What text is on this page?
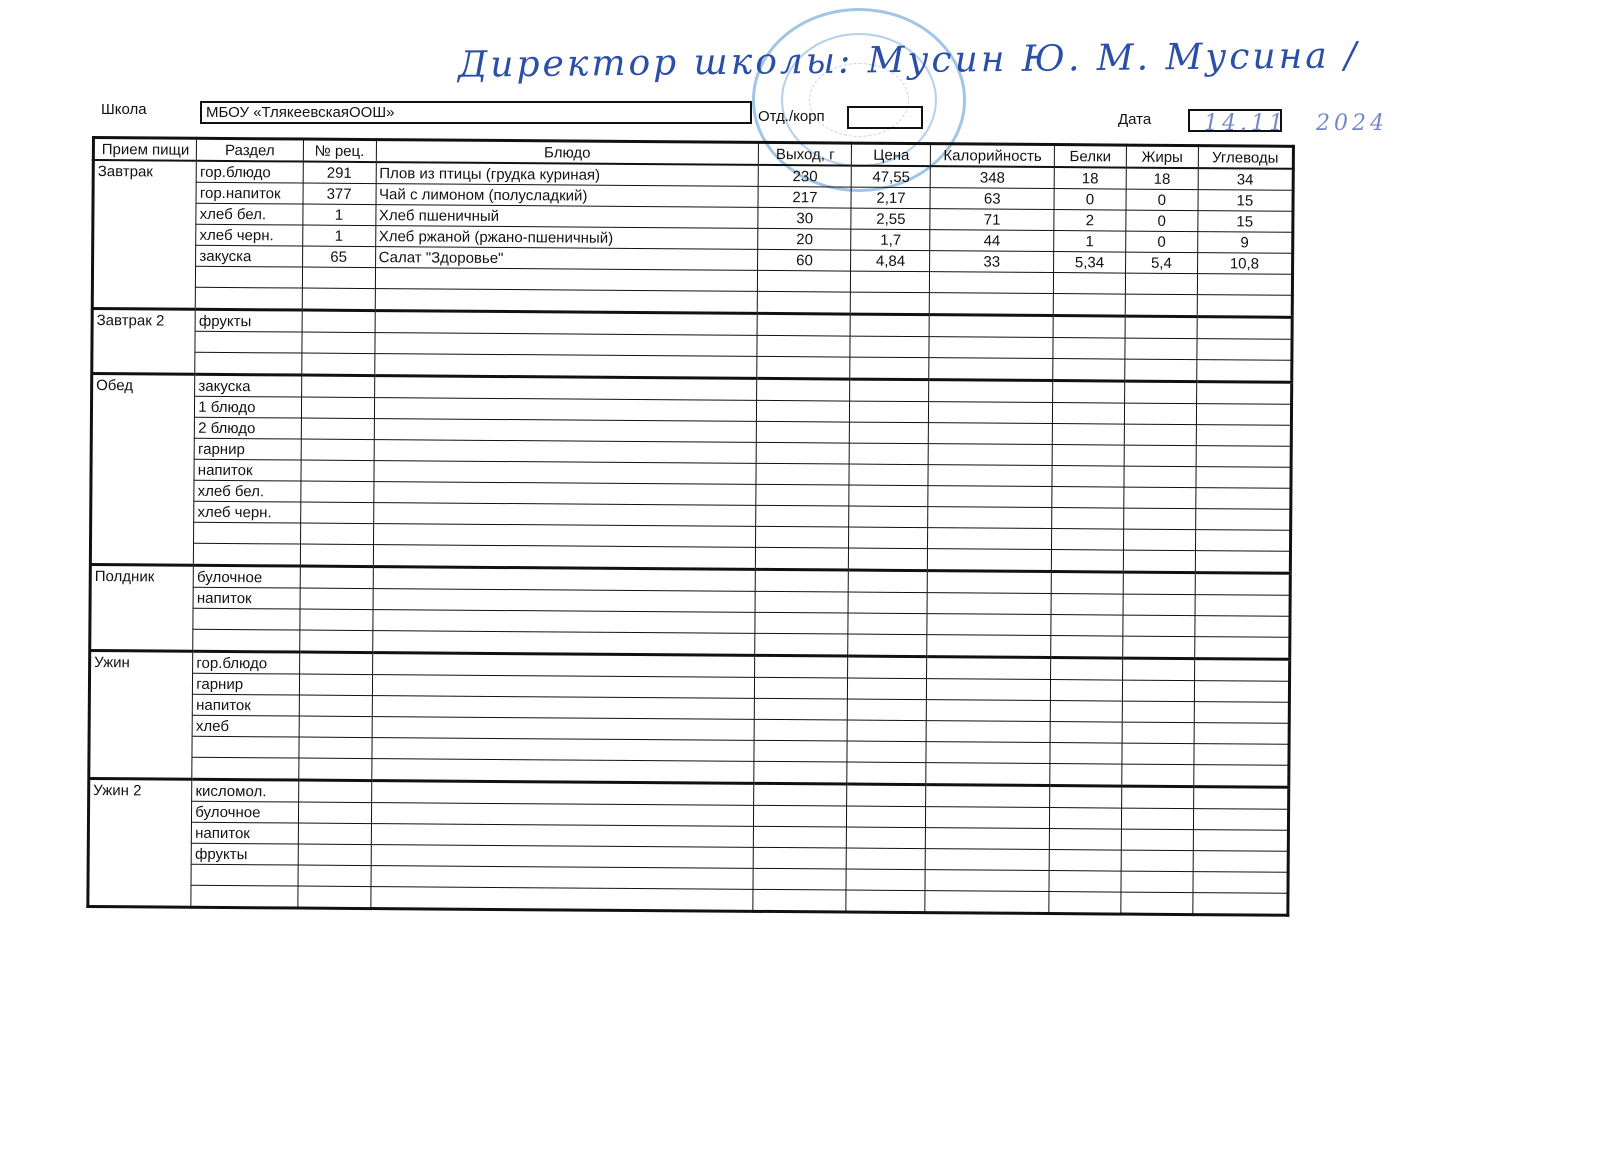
Директор школы: Мусин Ю. М. Мусина /
Школа	МБОУ «ТлякеевскаяООШ»	Отд./корп	Дата 14.11 2024
Прием пищи	Раздел	№ рец.	Блюдо	Выход, г	Цена	Калорийность	Белки	Жиры	Углеводы
Завтрак	гор.блюдо	291	Плов из птицы (грудка куриная)	230	47,55	348	18	18	34
	гор.напиток	377	Чай с лимоном (полусладкий)	217	2,17	63	0	0	15
	хлеб бел.	1	Хлеб пшеничный	30	2,55	71	2	0	15
	хлеб черн.	1	Хлеб ржаной (ржано-пшеничный)	20	1,7	44	1	0	9
	закуска	65	Салат "Здоровье"	60	4,84	33	5,34	5,4	10,8

Завтрак 2	фрукты								

Обед	закуска								
	1 блюдо								
	2 блюдо								
	гарнир								
	напиток								
	хлеб бел.								
	хлеб черн.								

Полдник	булочное								
	напиток								

Ужин	гор.блюдо								
	гарнир								
	напиток								
	хлеб								

Ужин 2	кисломол.								
	булочное								
	напиток								
	фрукты								
